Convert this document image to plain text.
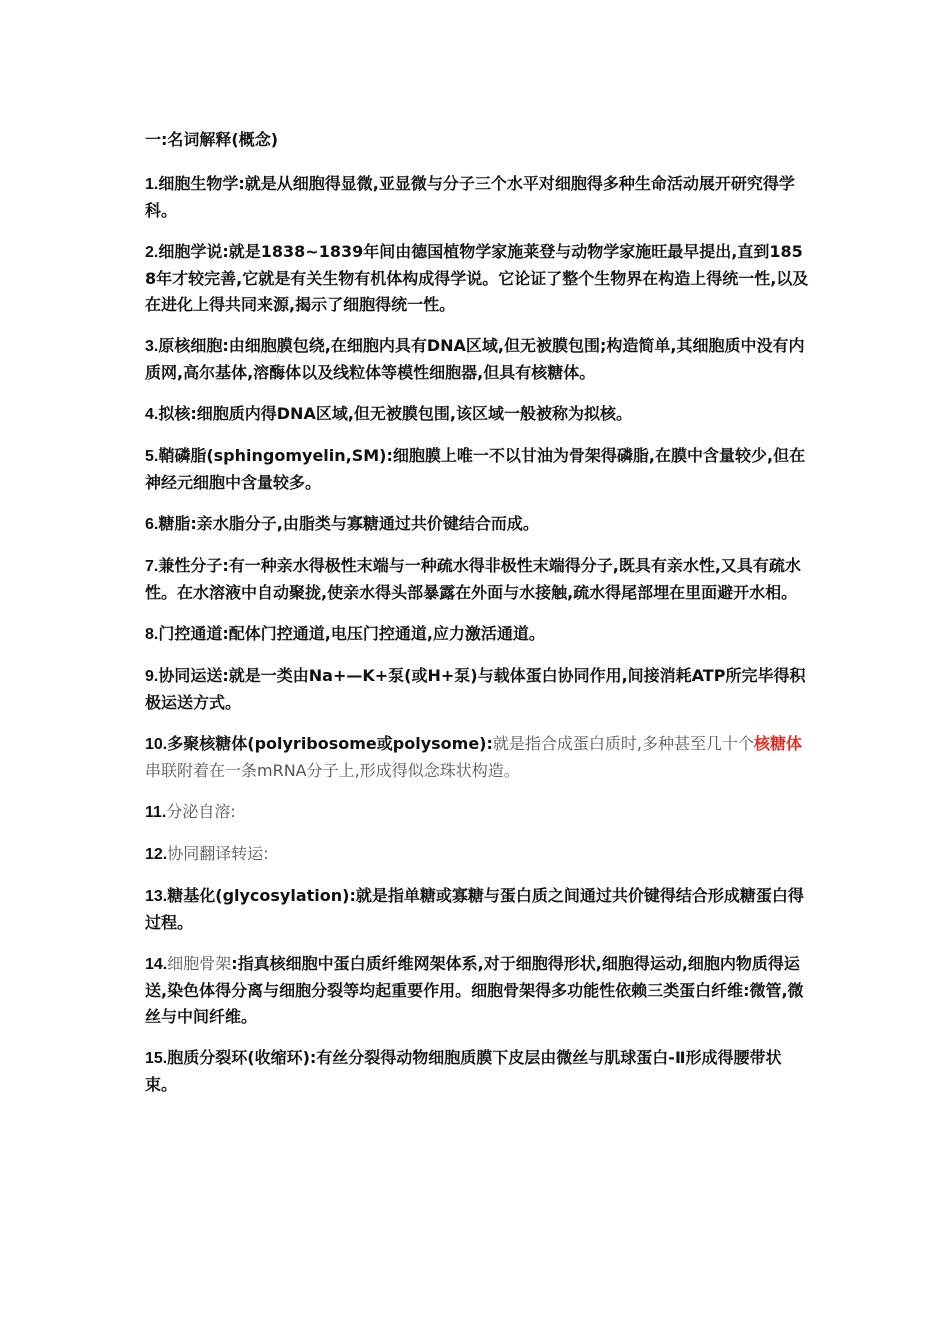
一:名词解释(概念)

1.细胞生物学:就是从细胞得显微,亚显微与分子三个水平对细胞得多种生命活动展开研究得学科。

2.细胞学说:就是1838~1839年间由德国植物学家施莱登与动物学家施旺最早提出,直到1858年才较完善,它就是有关生物有机体构成得学说。它论证了整个生物界在构造上得统一性,以及在进化上得共同来源,揭示了细胞得统一性。

3.原核细胞:由细胞膜包绕,在细胞内具有DNA区域,但无被膜包围;构造简单,其细胞质中没有内质网,高尔基体,溶酶体以及线粒体等模性细胞器,但具有核糖体。

4.拟核:细胞质内得DNA区域,但无被膜包围,该区域一般被称为拟核。

5.鞘磷脂(sphingomyelin,SM):细胞膜上唯一不以甘油为骨架得磷脂,在膜中含量较少,但在神经元细胞中含量较多。

6.糖脂:亲水脂分子,由脂类与寡糖通过共价键结合而成。

7.兼性分子:有一种亲水得极性末端与一种疏水得非极性末端得分子,既具有亲水性,又具有疏水性。在水溶液中自动聚拢,使亲水得头部暴露在外面与水接触,疏水得尾部埋在里面避开水相。

8.门控通道:配体门控通道,电压门控通道,应力激活通道。

9.协同运送:就是一类由Na+—K+泵(或H+泵)与载体蛋白协同作用,间接消耗ATP所完毕得积极运送方式。

10.多聚核糖体(polyribosome或polysome):就是指合成蛋白质时,多种甚至几十个核糖体串联附着在一条mRNA分子上,形成得似念珠状构造。

11.分泌自溶:

12.协同翻译转运:

13.糖基化(glycosylation):就是指单糖或寡糖与蛋白质之间通过共价键得结合形成糖蛋白得过程。

14.细胞骨架:指真核细胞中蛋白质纤维网架体系,对于细胞得形状,细胞得运动,细胞内物质得运送,染色体得分离与细胞分裂等均起重要作用。细胞骨架得多功能性依赖三类蛋白纤维:微管,微丝与中间纤维。

15.胞质分裂环(收缩环):有丝分裂得动物细胞质膜下皮层由微丝与肌球蛋白-Ⅱ形成得腰带状束。
